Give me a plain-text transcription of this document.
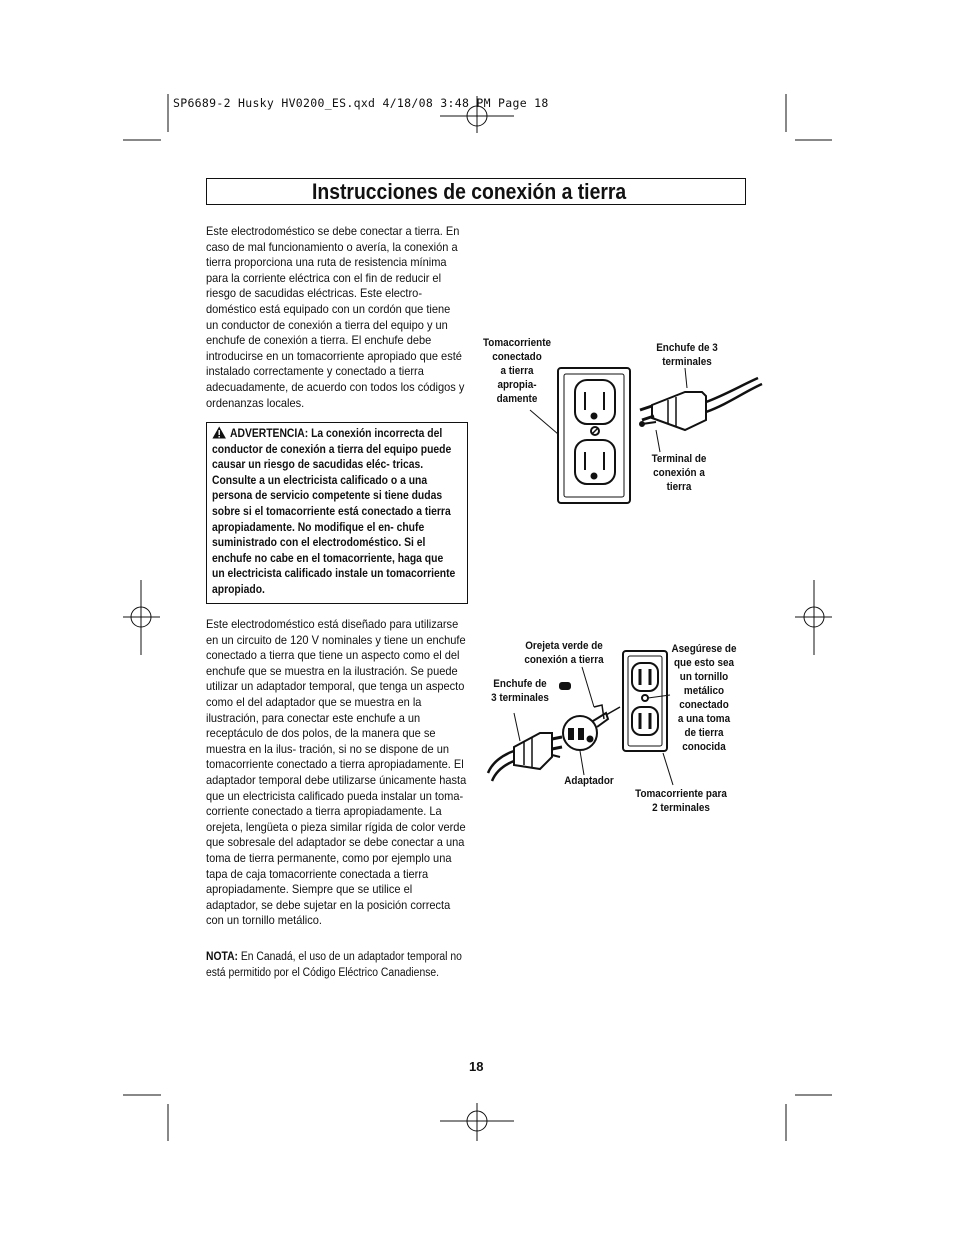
SP6689-2 Husky HV0200_ES.qxd 4/18/08 3:48 PM Page 18
Instrucciones de conexión a tierra
Este electrodoméstico se debe conectar a tierra. En caso de mal funcionamiento o avería, la conexión a tierra proporciona una ruta de resistencia mínima para la corriente eléctrica con el fin de reducir el riesgo de sacudidas eléctricas. Este electro- doméstico está equipado con un cordón que tiene un conductor de conexión a tierra del equipo y un enchufe de conexión a tierra. El enchufe debe introducirse en un tomacorriente apropiado que esté instalado correctamente y conectado a tierra adecuadamente, de acuerdo con todos los códigos y ordenanzas locales.
ADVERTENCIA: La conexión incorrecta del conductor de conexión a tierra del equipo puede causar un riesgo de sacudidas eléc- tricas. Consulte a un electricista calificado o a una persona de servicio competente si tiene dudas sobre si el tomacorriente está conectado a tierra apropiadamente. No modifique el en- chufe suministrado con el electrodoméstico. Si el enchufe no cabe en el tomacorriente, haga que un electricista calificado instale un tomacorriente apropiado.
Este electrodoméstico está diseñado para utilizarse en un circuito de 120 V nominales y tiene un enchufe conectado a tierra que tiene un aspecto como el del enchufe que se muestra en la ilustración. Se puede utilizar un adaptador temporal, que tenga un aspecto como el del adaptador que se muestra en la ilustración, para conectar este enchufe a un receptáculo de dos polos, de la manera que se muestra en la ilus- tración, si no se dispone de un tomacorriente conectado a tierra apropiadamente. El adaptador temporal debe utilizarse únicamente hasta que un electricista calificado pueda instalar un toma- corriente conectado a tierra apropiadamente. La orejeta, lengüeta o pieza similar rígida de color verde que sobresale del adaptador se debe conectar a una toma de tierra permanente, como por ejemplo una tapa de caja tomacorriente conectada a tierra apropiadamente. Siempre que se utilice el adaptador, se debe sujetar en la posición correcta con un tornillo metálico.
NOTA: En Canadá, el uso de un adaptador temporal no está permitido por el Código Eléctrico Canadiense.
Tomacorriente
conectado
a tierra
apropia-
damente
Enchufe de 3
terminales
Terminal de
conexión a
tierra
Orejeta verde de
conexión a tierra
Enchufe de
3 terminales
Adaptador
Asegúrese de
que esto sea
un tornillo
metálico
conectado
a una toma
de tierra
conocida
Tomacorriente para
2 terminales
18
